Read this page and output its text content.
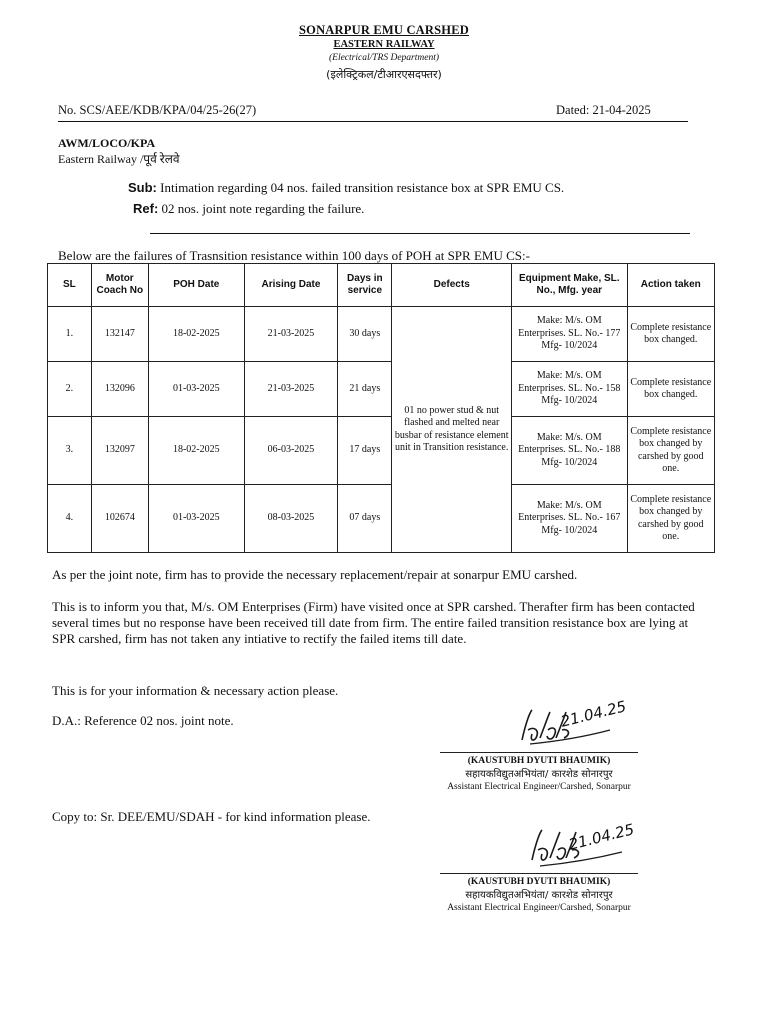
SONARPUR EMU CARSHED
EASTERN RAILWAY
(Electrical/TRS Department)
(इलेक्ट्रिकल/टीआरएसदफ्तर)
No. SCS/AEE/KDB/KPA/04/25-26(27)	Dated: 21-04-2025
AWM/LOCO/KPA
Eastern Railway /पूर्व रेलवे
Sub: Intimation regarding 04 nos. failed transition resistance box at SPR EMU CS.
Ref: 02 nos. joint note regarding the failure.
Below are the failures of Trasnsition resistance within 100 days of POH at SPR EMU CS:-
SL	Motor Coach No	POH Date	Arising Date	Days in service	Defects	Equipment Make, SL. No., Mfg. year	Action taken
1.	132147	18-02-2025	21-03-2025	30 days	01 no power stud & nut flashed and melted near busbar of resistance element unit in Transition resistance.	Make: M/s. OM Enterprises. SL. No.- 177 Mfg- 10/2024	Complete resistance box changed.
2.	132096	01-03-2025	21-03-2025	21 days		Make: M/s. OM Enterprises. SL. No.- 158 Mfg- 10/2024	Complete resistance box changed.
3.	132097	18-02-2025	06-03-2025	17 days		Make: M/s. OM Enterprises. SL. No.- 188 Mfg- 10/2024	Complete resistance box changed by carshed by good one.
4.	102674	01-03-2025	08-03-2025	07 days		Make: M/s. OM Enterprises. SL. No.- 167 Mfg- 10/2024	Complete resistance box changed by carshed by good one.
As per the joint note, firm has to provide the necessary replacement/repair at sonarpur EMU carshed.
This is to inform you that, M/s. OM Enterprises (Firm) have visited once at SPR carshed. Therafter firm has been contacted several times but no response have been received till date from firm. The entire failed transition resistance box are lying at SPR carshed, firm has not taken any intiative to rectify the failed items till date.
This is for your information & necessary action please.
D.A.: Reference 02 nos. joint note.	21.04.25
(KAUSTUBH DYUTI BHAUMIK)
सहायकविद्युतअभियंता/ कारशेड सोनारपुर
Assistant Electrical Engineer/Carshed, Sonarpur
Copy to: Sr. DEE/EMU/SDAH - for kind information please.
21.04.25
(KAUSTUBH DYUTI BHAUMIK)
सहायकविद्युतअभियंता/ कारशेड सोनारपुर
Assistant Electrical Engineer/Carshed, Sonarpur
